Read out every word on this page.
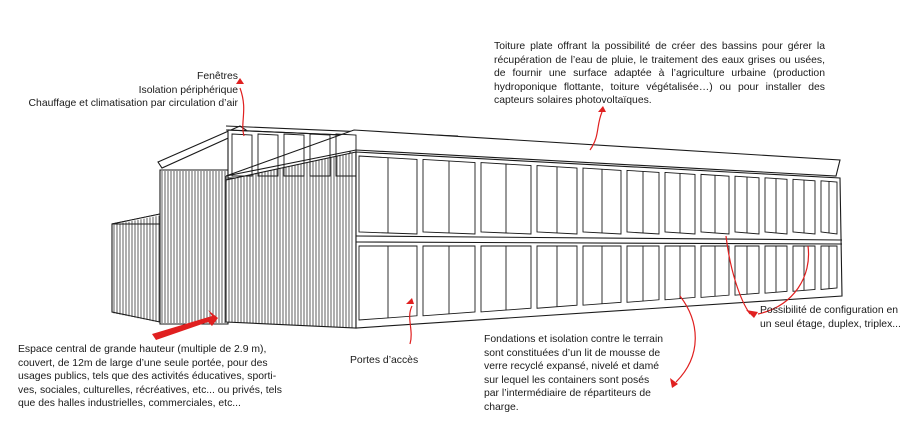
Fenêtres
Isolation périphérique
Chauffage et climatisation par circulation d’air
Toiture plate offrant la possibilité de créer des bassins pour gérer la récupération de l’eau de pluie, le traitement des eaux grises ou usées, de fournir une surface adaptée à l’agriculture urbaine (production hydroponique flottante, toiture végétalisée…) ou pour installer des capteurs solaires photovoltaïques.
Possibilité de configuration en
un seul étage, duplex, triplex...
Portes d’accès
Fondations et isolation contre le terrain
sont constituées d’un lit de mousse de
verre recyclé expansé, nivelé et damé
sur lequel les containers sont posés
par l’intermédiaire de répartiteurs de
charge.
Espace central de grande hauteur (multiple de 2.9 m),
couvert, de 12m de large d’une seule portée, pour des
usages publics, tels que des activités éducatives, sporti-
ves, sociales, culturelles, récréatives, etc... ou privés, tels
que des halles industrielles, commerciales, etc...
